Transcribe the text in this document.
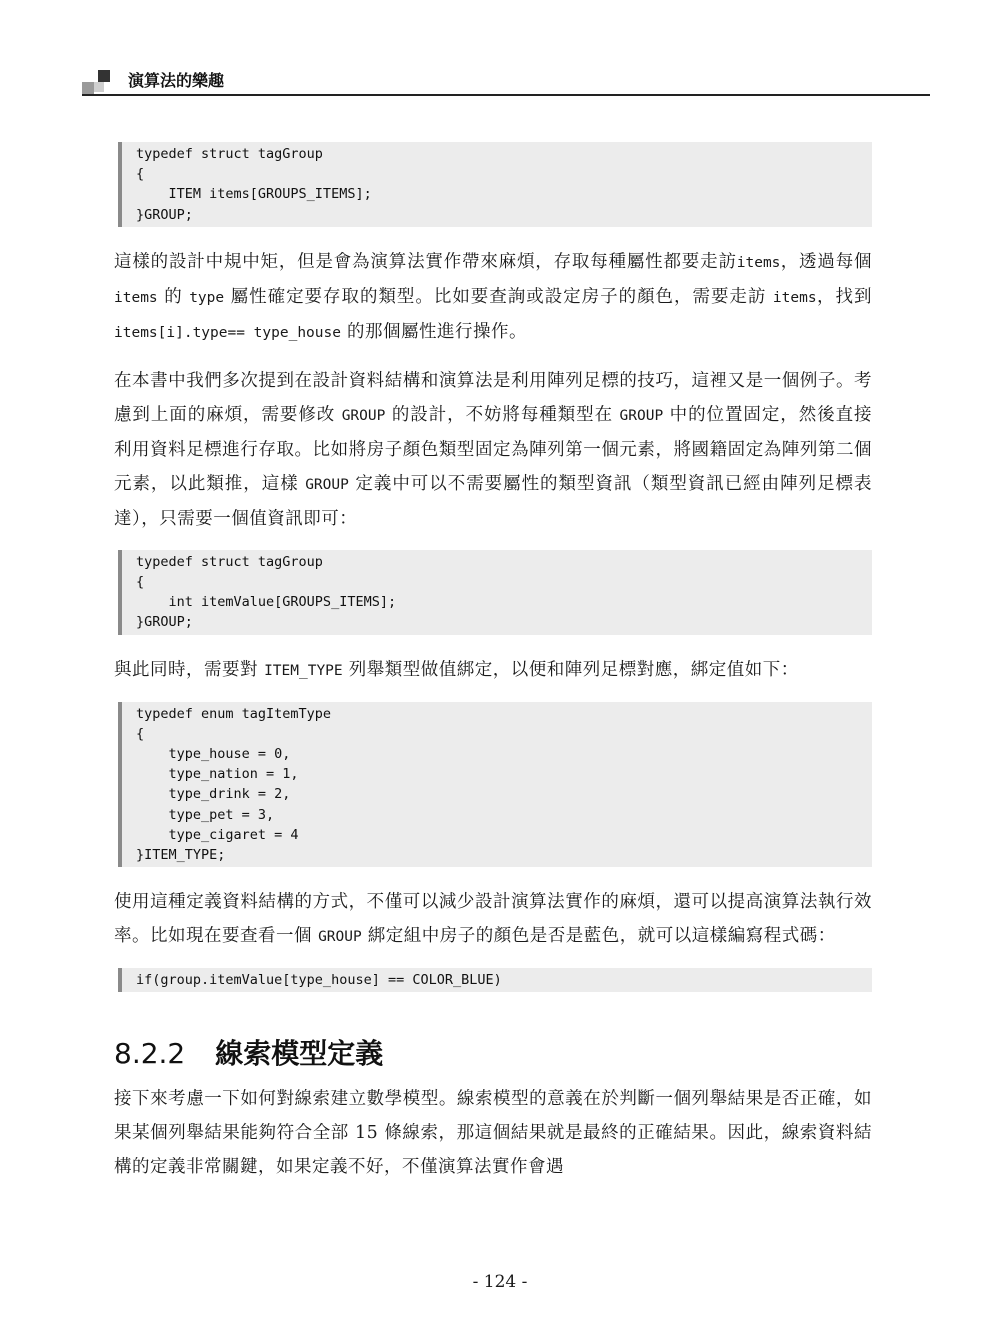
演算法的樂趣
typedef struct tagGroup
{
ITEM items[GROUPS_ITEMS];
}GROUP;

這樣的設計中規中矩，但是會為演算法實作帶來麻煩，存取每種屬性都要走訪items，透過每個 items 的 type 屬性確定要存取的類型。比如要查詢或設定房子的顏色，需要走訪 items，找到 items[i].type== type_house 的那個屬性進行操作。

在本書中我們多次提到在設計資料結構和演算法是利用陣列足標的技巧，這裡又是一個例子。考慮到上面的麻煩，需要修改 GROUP 的設計，不妨將每種類型在 GROUP 中的位置固定，然後直接利用資料足標進行存取。比如將房子顏色類型固定為陣列第一個元素，將國籍固定為陣列第二個元素，以此類推，這樣 GROUP 定義中可以不需要屬性的類型資訊（類型資訊已經由陣列足標表達），只需要一個值資訊即可：

typedef struct tagGroup
{
int itemValue[GROUPS_ITEMS];
}GROUP;

與此同時，需要對 ITEM_TYPE 列舉類型做值綁定，以便和陣列足標對應，綁定值如下：

typedef enum tagItemType
{
type_house = 0,
type_nation = 1,
type_drink = 2,
type_pet = 3,
type_cigaret = 4
}ITEM_TYPE;

使用這種定義資料結構的方式，不僅可以減少設計演算法實作的麻煩，還可以提高演算法執行效率。比如現在要查看一個 GROUP 綁定組中房子的顏色是否是藍色，就可以這樣編寫程式碼：

if(group.itemValue[type_house] == COLOR_BLUE)
8.2.2 線索模型定義

接下來考慮一下如何對線索建立數學模型。線索模型的意義在於判斷一個列舉結果是否正確，如果某個列舉結果能夠符合全部 15 條線索，那這個結果就是最終的正確結果。因此，線索資料結構的定義非常關鍵，如果定義不好，不僅演算法實作會遇

- 124 -
